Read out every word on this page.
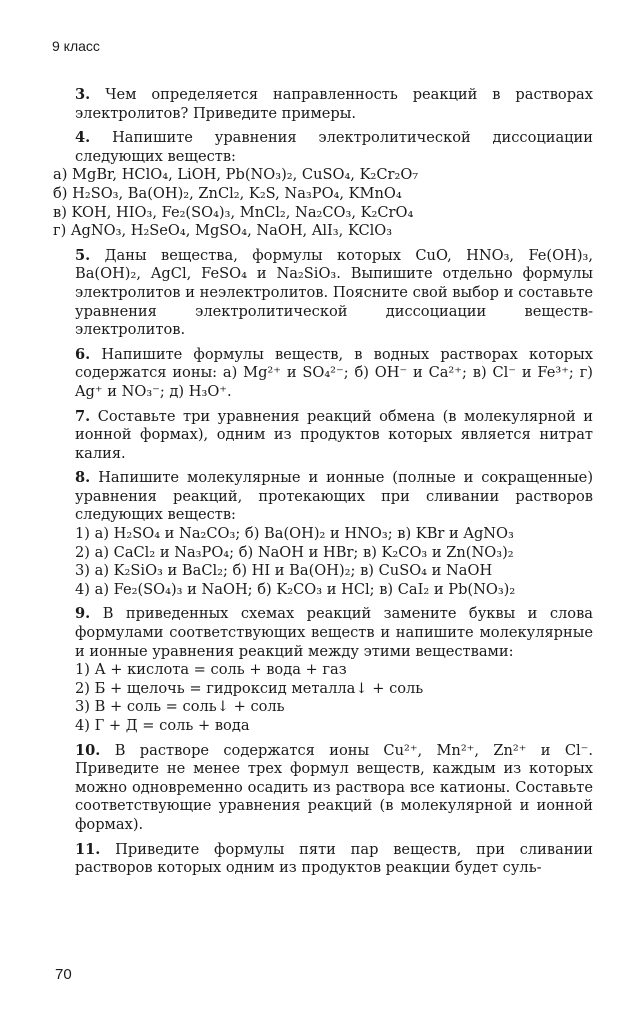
9 класс

3. Чем определяется направленность реакций в растворах электролитов? Приведите примеры.

4. Напишите уравнения электролитической диссоциации следующих веществ:

а) MgBr, HClO₄, LiOH, Pb(NO₃)₂, CuSO₄, K₂Cr₂O₇
б) H₂SO₃, Ba(OH)₂, ZnCl₂, K₂S, Na₃PO₄, KMnO₄
в) KOH, HIO₃, Fe₂(SO₄)₃, MnCl₂, Na₂CO₃, K₂CrO₄
г) AgNO₃, H₂SeO₄, MgSO₄, NaOH, AlI₃, KClO₃

5. Даны вещества, формулы которых CuO, HNO₃, Fe(OH)₃, Ba(OH)₂, AgCl, FeSO₄ и Na₂SiO₃. Выпишите отдельно формулы электролитов и неэлектролитов. Поясните свой выбор и составьте уравнения электролитической диссоциации веществ-электролитов.

6. Напишите формулы веществ, в водных растворах которых содержатся ионы: а) Mg²⁺ и SO₄²⁻; б) OH⁻ и Ca²⁺; в) Cl⁻ и Fe³⁺; г) Ag⁺ и NO₃⁻; д) H₃O⁺.

7. Составьте три уравнения реакций обмена (в молекулярной и ионной формах), одним из продуктов которых является нитрат калия.

8. Напишите молекулярные и ионные (полные и сокращенные) уравнения реакций, протекающих при сливании растворов следующих веществ:

1) а) H₂SO₄ и Na₂CO₃; б) Ba(OH)₂ и HNO₃; в) KBr и AgNO₃
2) а) CaCl₂ и Na₃PO₄; б) NaOH и HBr; в) K₂CO₃ и Zn(NO₃)₂
3) а) K₂SiO₃ и BaCl₂; б) HI и Ba(OH)₂; в) CuSO₄ и NaOH
4) а) Fe₂(SO₄)₃ и NaOH; б) K₂CO₃ и HCl; в) CaI₂ и Pb(NO₃)₂

9. В приведенных схемах реакций замените буквы и слова формулами соответствующих веществ и напишите молекулярные и ионные уравнения реакций между этими веществами:

1) А + кислота = соль + вода + газ
2) Б + щелочь = гидроксид металла↓ + соль
3) В + соль = соль↓ + соль
4) Г + Д = соль + вода

10. В растворе содержатся ионы Cu²⁺, Mn²⁺, Zn²⁺ и Cl⁻. Приведите не менее трех формул веществ, каждым из которых можно одновременно осадить из раствора все катионы. Составьте соответствующие уравнения реакций (в молекулярной и ионной формах).

11. Приведите формулы пяти пар веществ, при сливании растворов которых одним из продуктов реакции будет суль-

70
